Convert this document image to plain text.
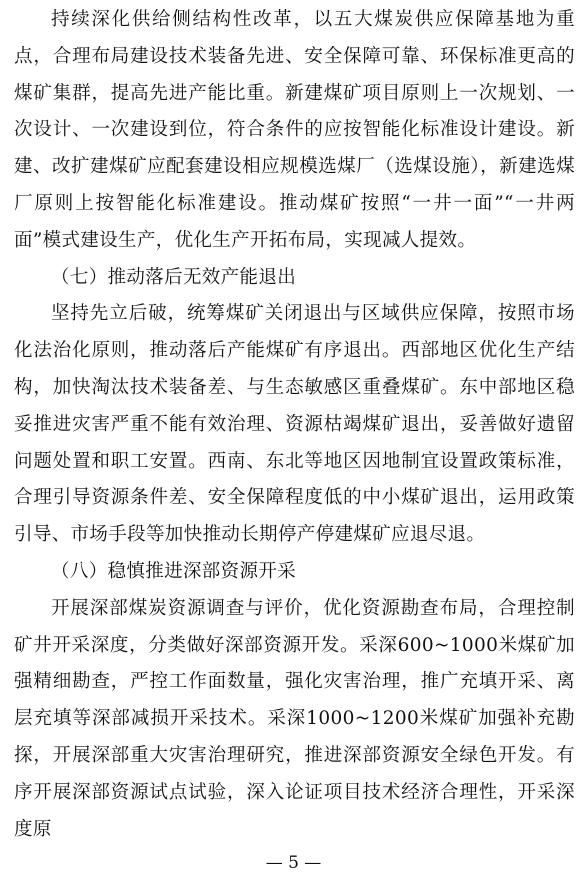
持续深化供给侧结构性改革，以五大煤炭供应保障基地为重点，合理布局建设技术装备先进、安全保障可靠、环保标准更高的煤矿集群，提高先进产能比重。新建煤矿项目原则上一次规划、一次设计、一次建设到位，符合条件的应按智能化标准设计建设。新建、改扩建煤矿应配套建设相应规模选煤厂（选煤设施），新建选煤厂原则上按智能化标准建设。推动煤矿按照“一井一面”“一井两面”模式建设生产，优化生产开拓布局，实现减人提效。

（七）推动落后无效产能退出

坚持先立后破，统筹煤矿关闭退出与区域供应保障，按照市场化法治化原则，推动落后产能煤矿有序退出。西部地区优化生产结构，加快淘汰技术装备差、与生态敏感区重叠煤矿。东中部地区稳妥推进灾害严重不能有效治理、资源枯竭煤矿退出，妥善做好遗留问题处置和职工安置。西南、东北等地区因地制宜设置政策标准，合理引导资源条件差、安全保障程度低的中小煤矿退出，运用政策引导、市场手段等加快推动长期停产停建煤矿应退尽退。

（八）稳慎推进深部资源开采

开展深部煤炭资源调查与评价，优化资源勘查布局，合理控制矿井开采深度，分类做好深部资源开发。采深600~1000米煤矿加强精细勘查，严控工作面数量，强化灾害治理，推广充填开采、离层充填等深部减损开采技术。采深1000~1200米煤矿加强补充勘探，开展深部重大灾害治理研究，推进深部资源安全绿色开发。有序开展深部资源试点试验，深入论证项目技术经济合理性，开采深度原

— 5 —
